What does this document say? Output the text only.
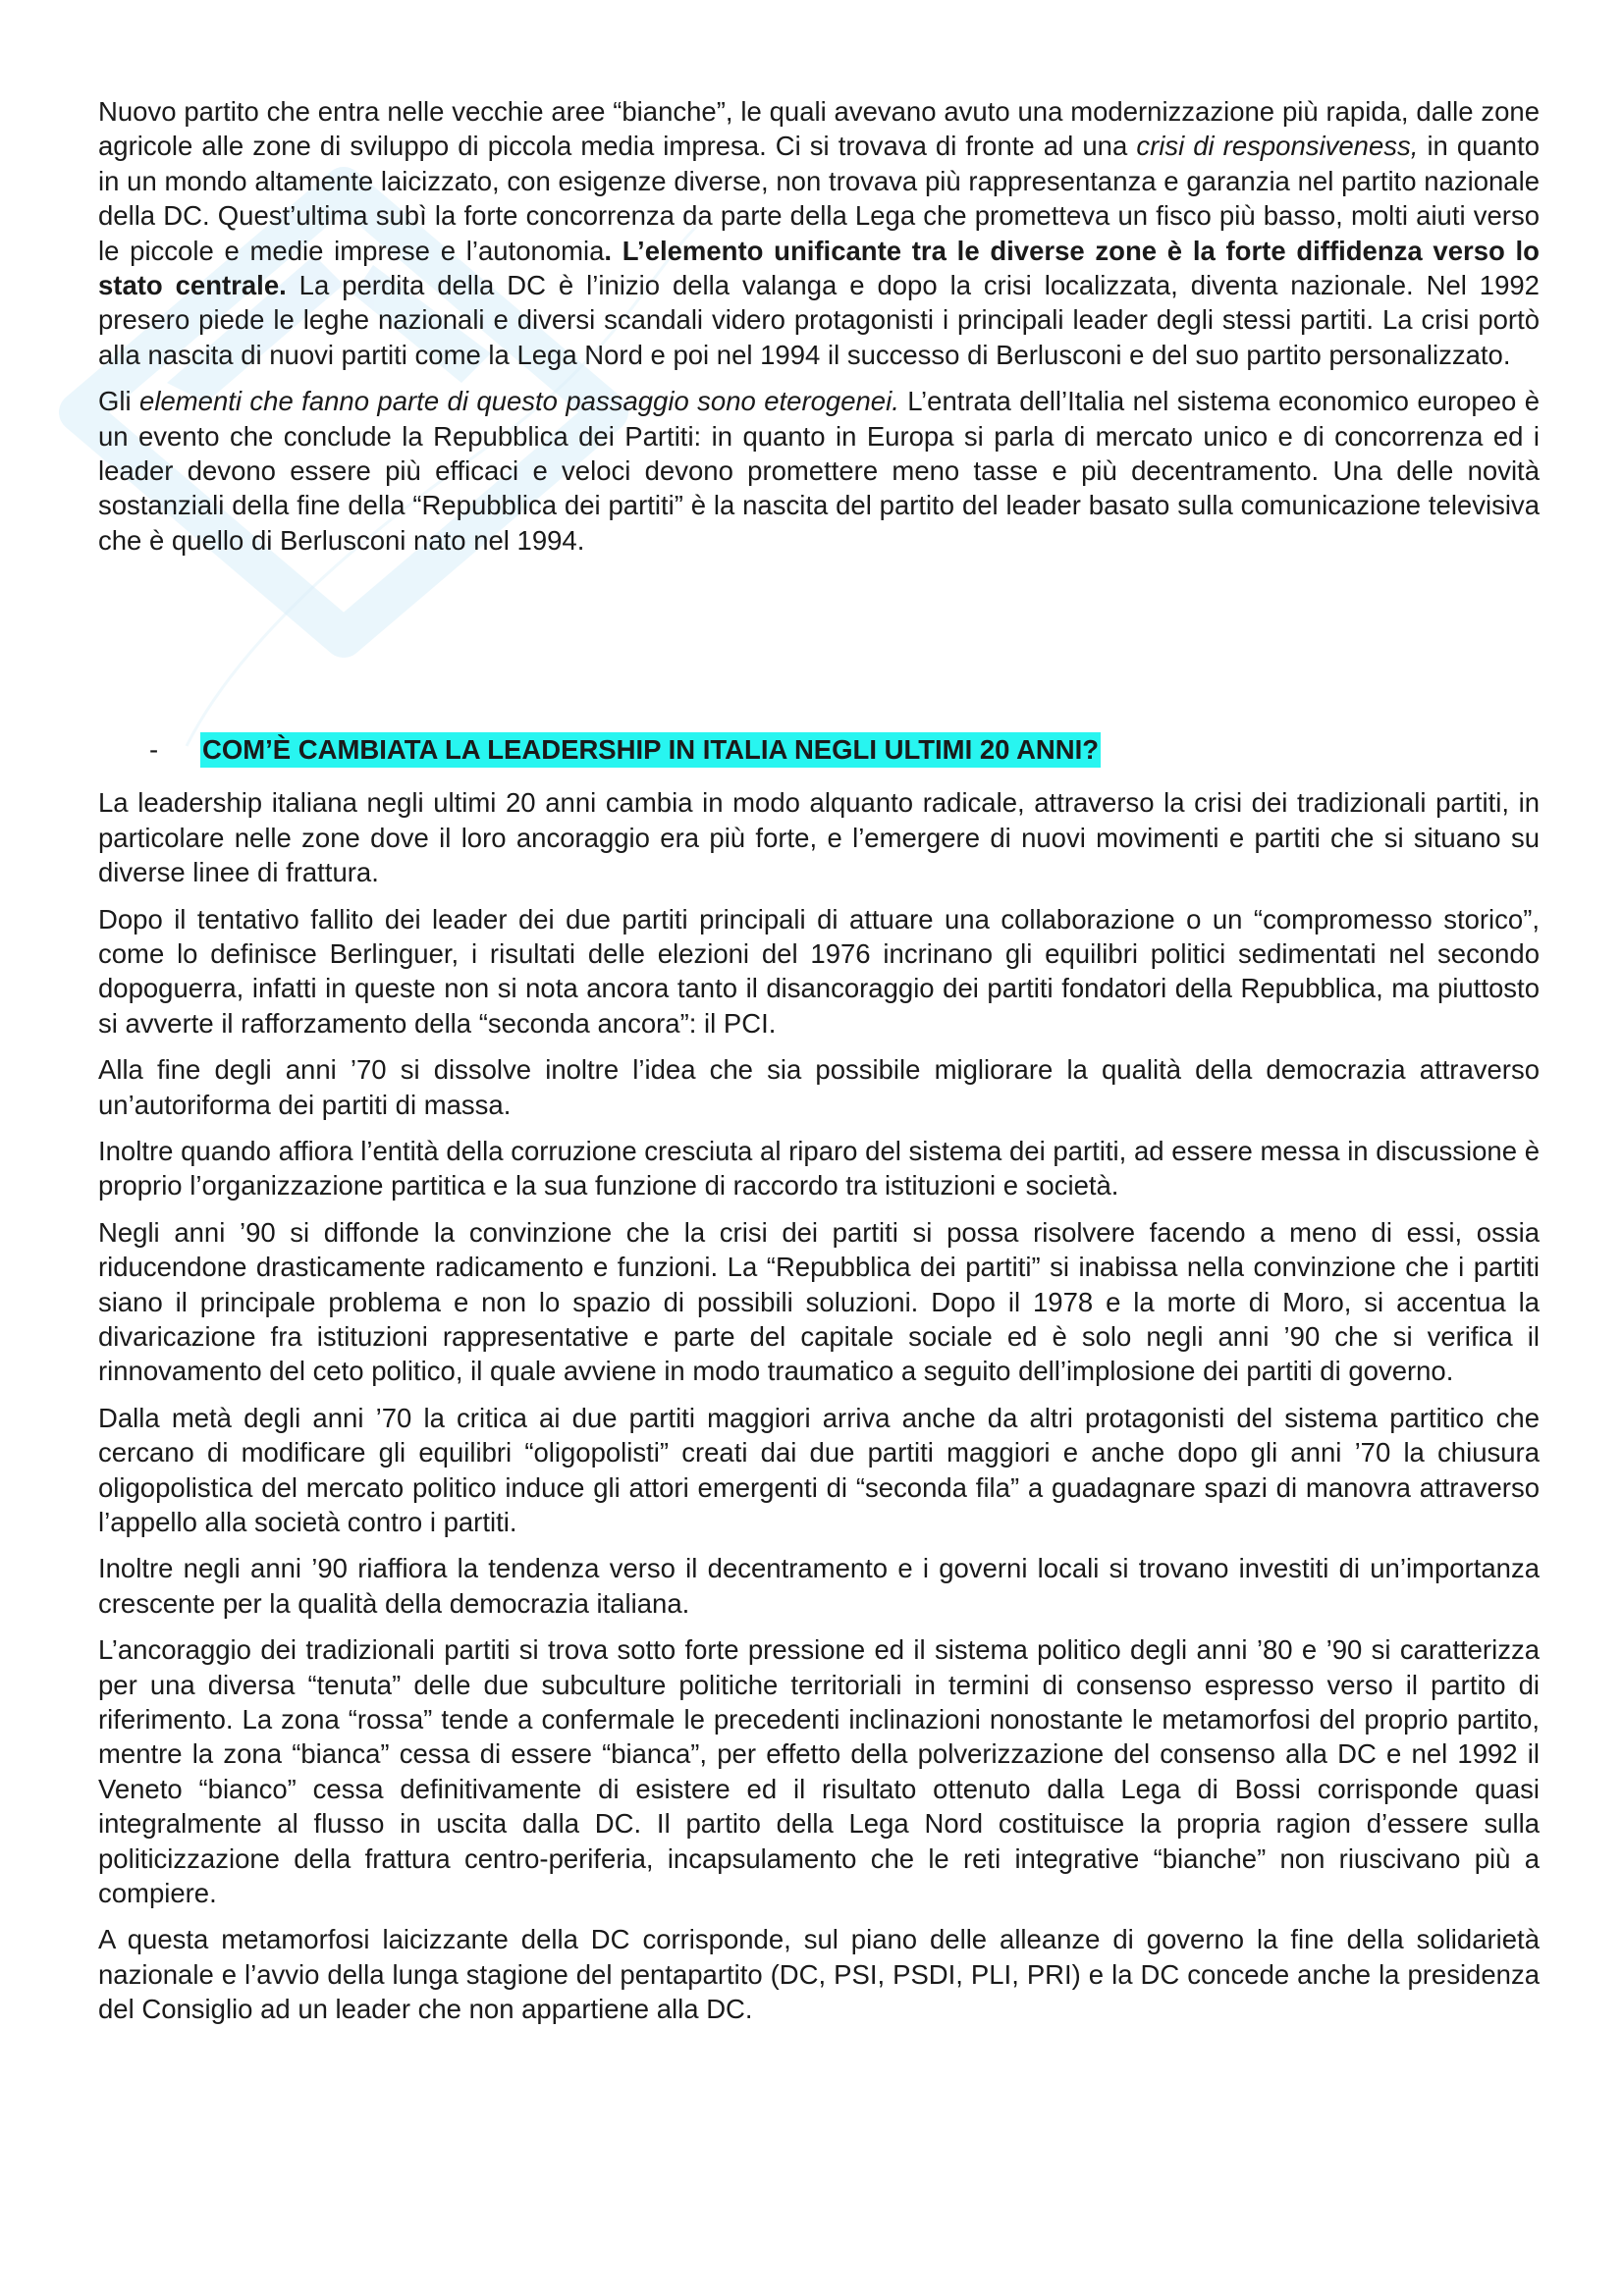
Nuovo partito che entra nelle vecchie aree “bianche”, le quali avevano avuto una modernizzazione più rapida, dalle zone agricole alle zone di sviluppo di piccola media impresa. Ci si trovava di fronte ad una crisi di responsiveness, in quanto in un mondo altamente laicizzato, con esigenze diverse, non trovava più rappresentanza e garanzia nel partito nazionale della DC. Quest’ultima subì la forte concorrenza da parte della Lega che prometteva un fisco più basso, molti aiuti verso le piccole e medie imprese e l’autonomia. L’elemento unificante tra le diverse zone è la forte diffidenza verso lo stato centrale. La perdita della DC è l’inizio della valanga e dopo la crisi localizzata, diventa nazionale. Nel 1992 presero piede le leghe nazionali e diversi scandali videro protagonisti i principali leader degli stessi partiti. La crisi portò alla nascita di nuovi partiti come la Lega Nord e poi nel 1994 il successo di Berlusconi e del suo partito personalizzato.

Gli elementi che fanno parte di questo passaggio sono eterogenei. L’entrata dell’Italia nel sistema economico europeo è un evento che conclude la Repubblica dei Partiti: in quanto in Europa si parla di mercato unico e di concorrenza ed i leader devono essere più efficaci e veloci devono promettere meno tasse e più decentramento. Una delle novità sostanziali della fine della “Repubblica dei partiti” è la nascita del partito del leader basato sulla comunicazione televisiva che è quello di Berlusconi nato nel 1994.

-	COM’È CAMBIATA LA LEADERSHIP IN ITALIA NEGLI ULTIMI 20 ANNI?

La leadership italiana negli ultimi 20 anni cambia in modo alquanto radicale, attraverso la crisi dei tradizionali partiti, in particolare nelle zone dove il loro ancoraggio era più forte, e l’emergere di nuovi movimenti e partiti che si situano su diverse linee di frattura.

Dopo il tentativo fallito dei leader dei due partiti principali di attuare una collaborazione o un “compromesso storico”, come lo definisce Berlinguer, i risultati delle elezioni del 1976 incrinano gli equilibri politici sedimentati nel secondo dopoguerra, infatti in queste non si nota ancora tanto il disancoraggio dei partiti fondatori della Repubblica, ma piuttosto si avverte il rafforzamento della “seconda ancora”: il PCI.

Alla fine degli anni ’70 si dissolve inoltre l’idea che sia possibile migliorare la qualità della democrazia attraverso un’autoriforma dei partiti di massa.

Inoltre quando affiora l’entità della corruzione cresciuta al riparo del sistema dei partiti, ad essere messa in discussione è proprio l’organizzazione partitica e la sua funzione di raccordo tra istituzioni e società.

Negli anni ’90 si diffonde la convinzione che la crisi dei partiti si possa risolvere facendo a meno di essi, ossia riducendone drasticamente radicamento e funzioni. La “Repubblica dei partiti” si inabissa nella convinzione che i partiti siano il principale problema e non lo spazio di possibili soluzioni. Dopo il 1978 e la morte di Moro, si accentua la divaricazione fra istituzioni rappresentative e parte del capitale sociale ed è solo negli anni ’90 che si verifica il rinnovamento del ceto politico, il quale avviene in modo traumatico a seguito dell’implosione dei partiti di governo.

Dalla metà degli anni ’70 la critica ai due partiti maggiori arriva anche da altri protagonisti del sistema partitico che cercano di modificare gli equilibri “oligopolisti” creati dai due partiti maggiori e anche dopo gli anni ’70 la chiusura oligopolistica del mercato politico induce gli attori emergenti di “seconda fila” a guadagnare spazi di manovra attraverso l’appello alla società contro i partiti.

Inoltre negli anni ’90 riaffiora la tendenza verso il decentramento e i governi locali si trovano investiti di un’importanza crescente per la qualità della democrazia italiana.

L’ancoraggio dei tradizionali partiti si trova sotto forte pressione ed il sistema politico degli anni ’80 e ’90 si caratterizza per una diversa “tenuta” delle due subculture politiche territoriali in termini di consenso espresso verso il partito di riferimento. La zona “rossa” tende a confermale le precedenti inclinazioni nonostante le metamorfosi del proprio partito, mentre la zona “bianca” cessa di essere “bianca”, per effetto della polverizzazione del consenso alla DC e nel 1992 il Veneto “bianco” cessa definitivamente di esistere ed il risultato ottenuto dalla Lega di Bossi corrisponde quasi integralmente al flusso in uscita dalla DC. Il partito della Lega Nord costituisce la propria ragion d’essere sulla politicizzazione della frattura centro-periferia, incapsulamento che le reti integrative “bianche” non riuscivano più a compiere.

A questa metamorfosi laicizzante della DC corrisponde, sul piano delle alleanze di governo la fine della solidarietà nazionale e l’avvio della lunga stagione del pentapartito (DC, PSI, PSDI, PLI, PRI) e la DC concede anche la presidenza del Consiglio ad un leader che non appartiene alla DC.
